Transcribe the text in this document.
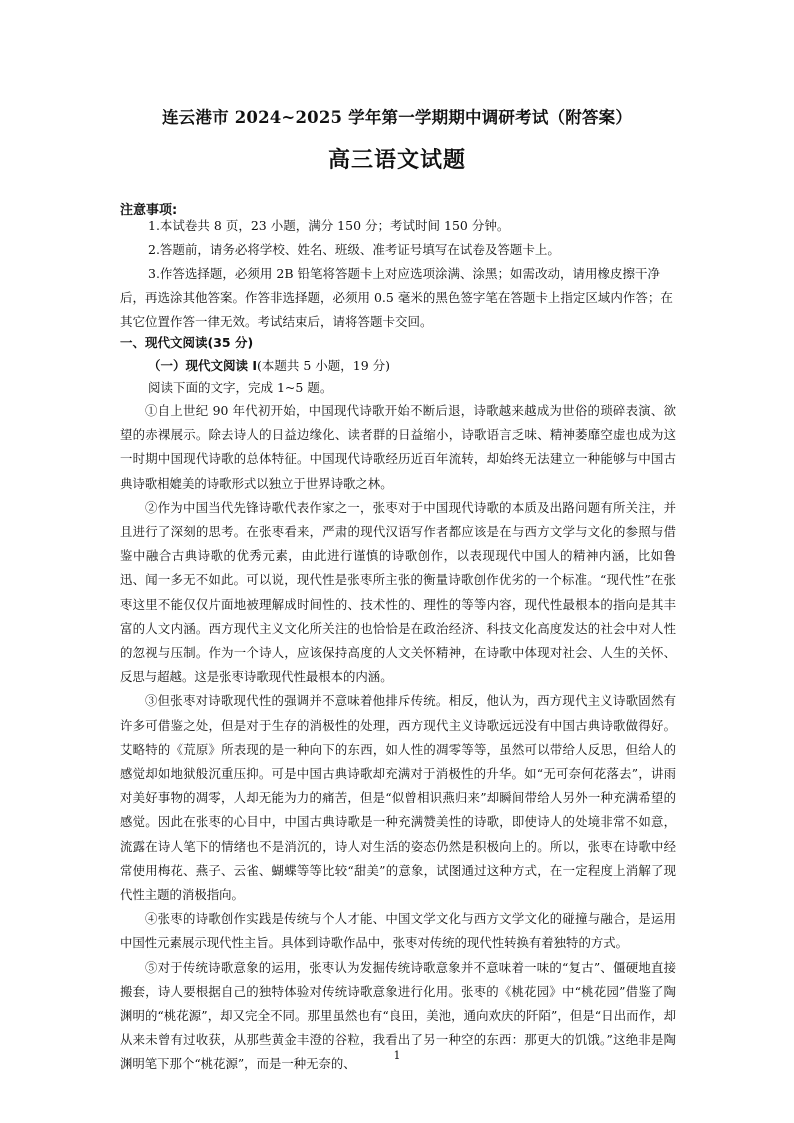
连云港市 2024~2025 学年第一学期期中调研考试（附答案）
高三语文试题
注意事项:
1.本试卷共 8 页，23 小题，满分 150 分；考试时间 150 分钟。
2.答题前，请务必将学校、姓名、班级、准考证号填写在试卷及答题卡上。
3.作答选择题，必须用 2B 铅笔将答题卡上对应选项涂满、涂黑；如需改动，请用橡皮擦干净后，再选涂其他答案。作答非选择题，必须用 0.5 毫米的黑色签字笔在答题卡上指定区域内作答；在其它位置作答一律无效。考试结束后，请将答题卡交回。
一、现代文阅读(35 分)
（一）现代文阅读 I(本题共 5 小题，19 分)
阅读下面的文字，完成 1~5 题。

①自上世纪 90 年代初开始，中国现代诗歌开始不断后退，诗歌越来越成为世俗的琐碎表演、欲望的赤裸展示。除去诗人的日益边缘化、读者群的日益缩小，诗歌语言乏味、精神萎靡空虚也成为这一时期中国现代诗歌的总体特征。中国现代诗歌经历近百年流转，却始终无法建立一种能够与中国古典诗歌相媲美的诗歌形式以独立于世界诗歌之林。

②作为中国当代先锋诗歌代表作家之一，张枣对于中国现代诗歌的本质及出路问题有所关注，并且进行了深刻的思考。在张枣看来，严肃的现代汉语写作者都应该是在与西方文学与文化的参照与借鉴中融合古典诗歌的优秀元素，由此进行谨慎的诗歌创作，以表现现代中国人的精神内涵，比如鲁迅、闻一多无不如此。可以说，现代性是张枣所主张的衡量诗歌创作优劣的一个标准。“现代性”在张枣这里不能仅仅片面地被理解成时间性的、技术性的、理性的等等内容，现代性最根本的指向是其丰富的人文内涵。西方现代主义文化所关注的也恰恰是在政治经济、科技文化高度发达的社会中对人性的忽视与压制。作为一个诗人，应该保持高度的人文关怀精神，在诗歌中体现对社会、人生的关怀、反思与超越。这是张枣诗歌现代性最根本的内涵。

③但张枣对诗歌现代性的强调并不意味着他排斥传统。相反，他认为，西方现代主义诗歌固然有许多可借鉴之处，但是对于生存的消极性的处理，西方现代主义诗歌远远没有中国古典诗歌做得好。艾略特的《荒原》所表现的是一种向下的东西，如人性的凋零等等，虽然可以带给人反思，但给人的感觉却如地狱般沉重压抑。可是中国古典诗歌却充满对于消极性的升华。如“无可奈何花落去”，讲雨对美好事物的凋零，人却无能为力的痛苦，但是“似曾相识燕归来”却瞬间带给人另外一种充满希望的感觉。因此在张枣的心目中，中国古典诗歌是一种充满赞美性的诗歌，即使诗人的处境非常不如意，流露在诗人笔下的情绪也不是消沉的，诗人对生活的姿态仍然是积极向上的。所以，张枣在诗歌中经常使用梅花、燕子、云雀、蝴蝶等等比较“甜美”的意象，试图通过这种方式，在一定程度上消解了现代性主题的消极指向。

④张枣的诗歌创作实践是传统与个人才能、中国文学文化与西方文学文化的碰撞与融合，是运用中国性元素展示现代性主旨。具体到诗歌作品中，张枣对传统的现代性转换有着独特的方式。

⑤对于传统诗歌意象的运用，张枣认为发掘传统诗歌意象并不意味着一味的“复古”、僵硬地直接搬套，诗人要根据自己的独特体验对传统诗歌意象进行化用。张枣的《桃花园》中“桃花园”借鉴了陶渊明的“桃花源”，却又完全不同。那里虽然也有“良田，美池，通向欢庆的阡陌”，但是“日出而作，却从来未曾有过收获，从那些黄金丰澄的谷粒，我看出了另一种空的东西：那更大的饥饿。”这绝非是陶渊明笔下那个“桃花源”，而是一种无奈的、

1
